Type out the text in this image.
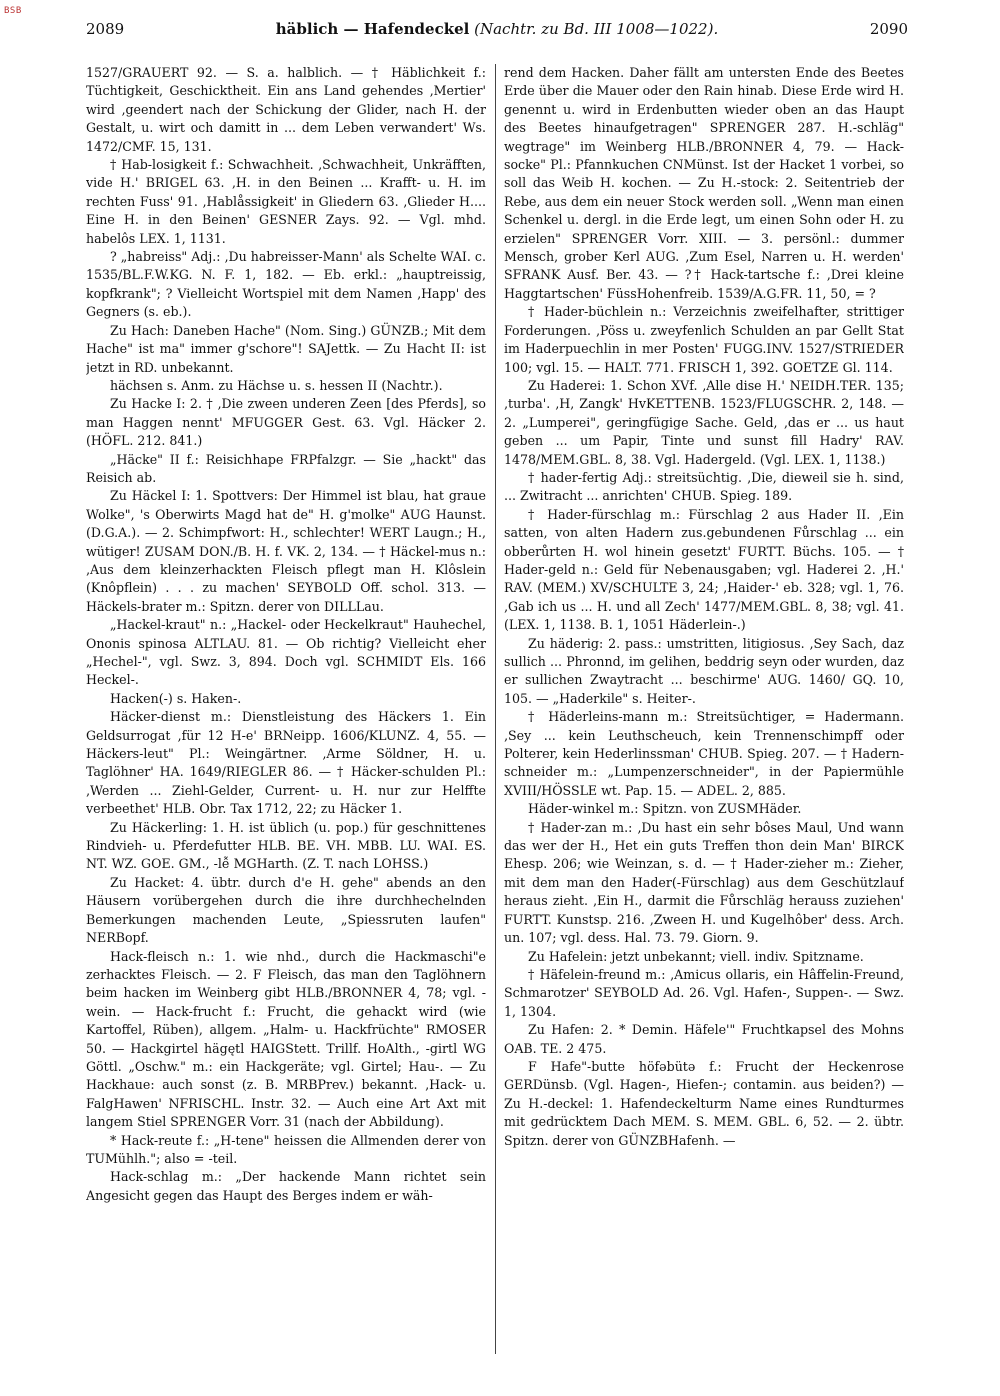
BSB
2089	häblich — Hafendeckel (Nachtr. zu Bd. III 1008—1022).	2090

1527/GRAUERT 92. — S. a. halblich. — † Häblichkeit f.: Tüchtigkeit, Geschicktheit. Ein ans Land gehendes ‚Mertier' wird ‚geendert nach der Schickung der Glider, nach H. der Gestalt, u. wirt och damitt in ... dem Leben verwandert' Ws. 1472/CMF. 15, 131.

† Hab-losigkeit f.: Schwachheit. ‚Schwachheit, Unkräfften, vide H.' BRIGEL 63. ‚H. in den Beinen ... Krafft- u. H. im rechten Fuss' 91. ‚Hablåssigkeit' in Gliedern 63. ‚Glieder H.... Eine H. in den Beinen' GESNER Zays. 92. — Vgl. mhd. habelôs LEX. 1, 1131.

? „habreiss" Adj.: ‚Du habreisser-Mann' als Schelte WAI. c. 1535/BL.F.W.KG. N. F. 1, 182. — Eb. erkl.: „hauptreissig, kopfkrank"; ? Vielleicht Wortspiel mit dem Namen ‚Happ' des Gegners (s. eb.).

Zu Hach: Daneben Hache" (Nom. Sing.) GÜNZB.; Mit dem Hache" ist ma" immer g'schore"! SAJettk. — Zu Hacht II: ist jetzt in RD. unbekannt.

hächsen s. Anm. zu Hächse u. s. hessen II (Nachtr.).

Zu Hacke I: 2. † ‚Die zween underen Zeen [des Pferds], so man Haggen nennt' MFUGGER Gest. 63. Vgl. Häcker 2. (HÖFL. 212. 841.)

„Häcke" II f.: Reisichhape FRPfalzgr. — Sie „hackt" das Reisich ab.

Zu Häckel I: 1. Spottvers: Der Himmel ist blau, hat graue Wolke", 's Oberwirts Magd hat de" H. g'molke" AUG Haunst. (D.G.A.). — 2. Schimpfwort: H., schlechter! WERT Laugn.; H., wütiger! ZUSAM DON./B. H. f. VK. 2, 134. — † Häckel-mus n.: ‚Aus dem kleinzerhackten Fleisch pflegt man H. Klôslein (Knôpflein) . . . zu machen' SEYBOLD Off. schol. 313. — Häckels-brater m.: Spitzn. derer von DILLLau.

„Hackel-kraut" n.: „Hackel- oder Heckelkraut" Hauhechel, Ononis spinosa ALTLAU. 81. — Ob richtig? Vielleicht eher „Hechel-", vgl. Swz. 3, 894. Doch vgl. SCHMIDT Els. 166 Heckel-.

Hacken(-) s. Haken-.

Häcker-dienst m.: Dienstleistung des Häckers 1. Ein Geldsurrogat ‚für 12 H-e' BRNeipp. 1606/KLUNZ. 4, 55. — Häckers-leut" Pl.: Weingärtner. ‚Arme Söldner, H. u. Taglöhner' HA. 1649/RIEGLER 86. — † Häcker-schulden Pl.: ‚Werden ... Ziehl-Gelder, Current- u. H. nur zur Helffte verbeethet' HLB. Obr. Tax 1712, 22; zu Häcker 1.

Zu Häckerling: 1. H. ist üblich (u. pop.) für geschnittenes Rindvieh- u. Pferdefutter HLB. BE. VH. MBB. LU. WAI. ES. NT. WZ. GOE. GM., -lễ MGHarth. (Z. T. nach LOHSS.)

Zu Hacket: 4. übtr. durch d'e H. gehe" abends an den Häusern vorübergehen durch die ihre durchhechelnden Bemerkungen machenden Leute, „Spiessruten laufen" NERBopf.

Hack-fleisch n.: 1. wie nhd., durch die Hackmaschi"e zerhacktes Fleisch. — 2. F Fleisch, das man den Taglöhnern beim hacken im Weinberg gibt HLB./BRONNER 4, 78; vgl. -wein. — Hack-frucht f.: Frucht, die gehackt wird (wie Kartoffel, Rüben), allgem. „Halm- u. Hackfrüchte" RMOSER 50. — Hackgirtel hägętl HAIGStett. Trillf. HoAlth., -girtl WG Göttl. „Oschw." m.: ein Hackgeräte; vgl. Girtel; Hau-. — Zu Hackhaue: auch sonst (z. B. MRBPrev.) bekannt. ‚Hack- u. FalgHawen' NFRISCHL. Instr. 32. — Auch eine Art Axt mit langem Stiel SPRENGER Vorr. 31 (nach der Abbildung).

* Hack-reute f.: „H-tene" heissen die Allmenden derer von TUMühlh."; also = -teil.

Hack-schlag m.: „Der hackende Mann richtet sein Angesicht gegen das Haupt des Berges indem er wäh-

rend dem Hacken. Daher fällt am untersten Ende des Beetes Erde über die Mauer oder den Rain hinab. Diese Erde wird H. genennt u. wird in Erdenbutten wieder oben an das Haupt des Beetes hinaufgetragen" SPRENGER 287. H.-schläg" wegtrage" im Weinberg HLB./BRONNER 4, 79. — Hack-socke" Pl.: Pfannkuchen CNMünst. Ist der Hacket 1 vorbei, so soll das Weib H. kochen. — Zu H.-stock: 2. Seitentrieb der Rebe, aus dem ein neuer Stock werden soll. „Wenn man einen Schenkel u. dergl. in die Erde legt, um einen Sohn oder H. zu erzielen" SPRENGER Vorr. XIII. — 3. persönl.: dummer Mensch, grober Kerl AUG. ‚Zum Esel, Narren u. H. werden' SFRANK Ausf. Ber. 43. — ?† Hack-tartsche f.: ‚Drei kleine Haggtartschen' FüssHohenfreib. 1539/A.G.FR. 11, 50, = ?

† Hader-büchlein n.: Verzeichnis zweifelhafter, strittiger Forderungen. ‚Pöss u. zweyfenlich Schulden an par Gellt Stat im Haderpuechlin in mer Posten' FUGG.INV. 1527/STRIEDER 100; vgl. 15. — HALT. 771. FRISCH 1, 392. GOETZE Gl. 114.

Zu Haderei: 1. Schon XVf. ‚Alle dise H.' NEIDH.TER. 135; ‚turba'. ‚H, Zangk' HvKETTENB. 1523/FLUGSCHR. 2, 148. — 2. „Lumperei", geringfügige Sache. Geld, ‚das er ... us haut geben ... um Papir, Tinte und sunst fill Hadry' RAV. 1478/MEM.GBL. 8, 38. Vgl. Hadergeld. (Vgl. LEX. 1, 1138.)

† hader-fertig Adj.: streitsüchtig. ‚Die, dieweil sie h. sind, ... Zwitracht ... anrichten' CHUB. Spieg. 189.

† Hader-fürschlag m.: Fürschlag 2 aus Hader II. ‚Ein satten, von alten Hadern zus.gebundenen Fůrschlag ... ein obberůrten H. wol hinein gesetzt' FURTT. Büchs. 105. — † Hader-geld n.: Geld für Nebenausgaben; vgl. Haderei 2. ‚H.' RAV. (MEM.) XV/SCHULTE 3, 24; ‚Haider-' eb. 328; vgl. 1, 76. ‚Gab ich us ... H. und all Zech' 1477/MEM.GBL. 8, 38; vgl. 41. (LEX. 1, 1138. B. 1, 1051 Häderlein-.)

Zu häderig: 2. pass.: umstritten, litigiosus. ‚Sey Sach, daz sullich ... Phronnd, im gelihen, beddrig seyn oder wurden, daz er sullichen Zwaytracht ... beschirme' AUG. 1460/ GQ. 10, 105. — „Haderkile" s. Heiter-.

† Häderleins-mann m.: Streitsüchtiger, = Hadermann. ‚Sey ... kein Leuthscheuch, kein Trennenschimpff oder Polterer, kein Hederlinssman' CHUB. Spieg. 207. — † Hadern-schneider m.: „Lumpenzerschneider", in der Papiermühle XVIII/HÖSSLE wt. Pap. 15. — ADEL. 2, 885.

Häder-winkel m.: Spitzn. von ZUSMHäder.

† Hader-zan m.: ‚Du hast ein sehr bôses Maul, Und wann das wer der H., Het ein guts Treffen thon dein Man' BIRCK Ehesp. 206; wie Weinzan, s. d. — † Hader-zieher m.: Zieher, mit dem man den Hader(-Fürschlag) aus dem Geschützlauf heraus zieht. ‚Ein H., darmit die Fůrschläg herauss zuziehen' FURTT. Kunstsp. 216. ‚Zween H. und Kugelhôber' dess. Arch. un. 107; vgl. dess. Hal. 73. 79. Giorn. 9.

Zu Hafelein: jetzt unbekannt; viell. indiv. Spitzname.

† Häfelein-freund m.: ‚Amicus ollaris, ein Hâffelin-Freund, Schmarotzer' SEYBOLD Ad. 26. Vgl. Hafen-, Suppen-. — Swz. 1, 1304.

Zu Hafen: 2. * Demin. Häfele'" Fruchtkapsel des Mohns OAB. TE. 2 475.

F Hafe"-butte höfəbütə f.: Frucht der Heckenrose GERDünsb. (Vgl. Hagen-, Hiefen-; contamin. aus beiden?) — Zu H.-deckel: 1. Hafendeckelturm Name eines Rundturmes mit gedrücktem Dach MEM. S. MEM. GBL. 6, 52. — 2. übtr. Spitzn. derer von GÜNZBHafenh. —
